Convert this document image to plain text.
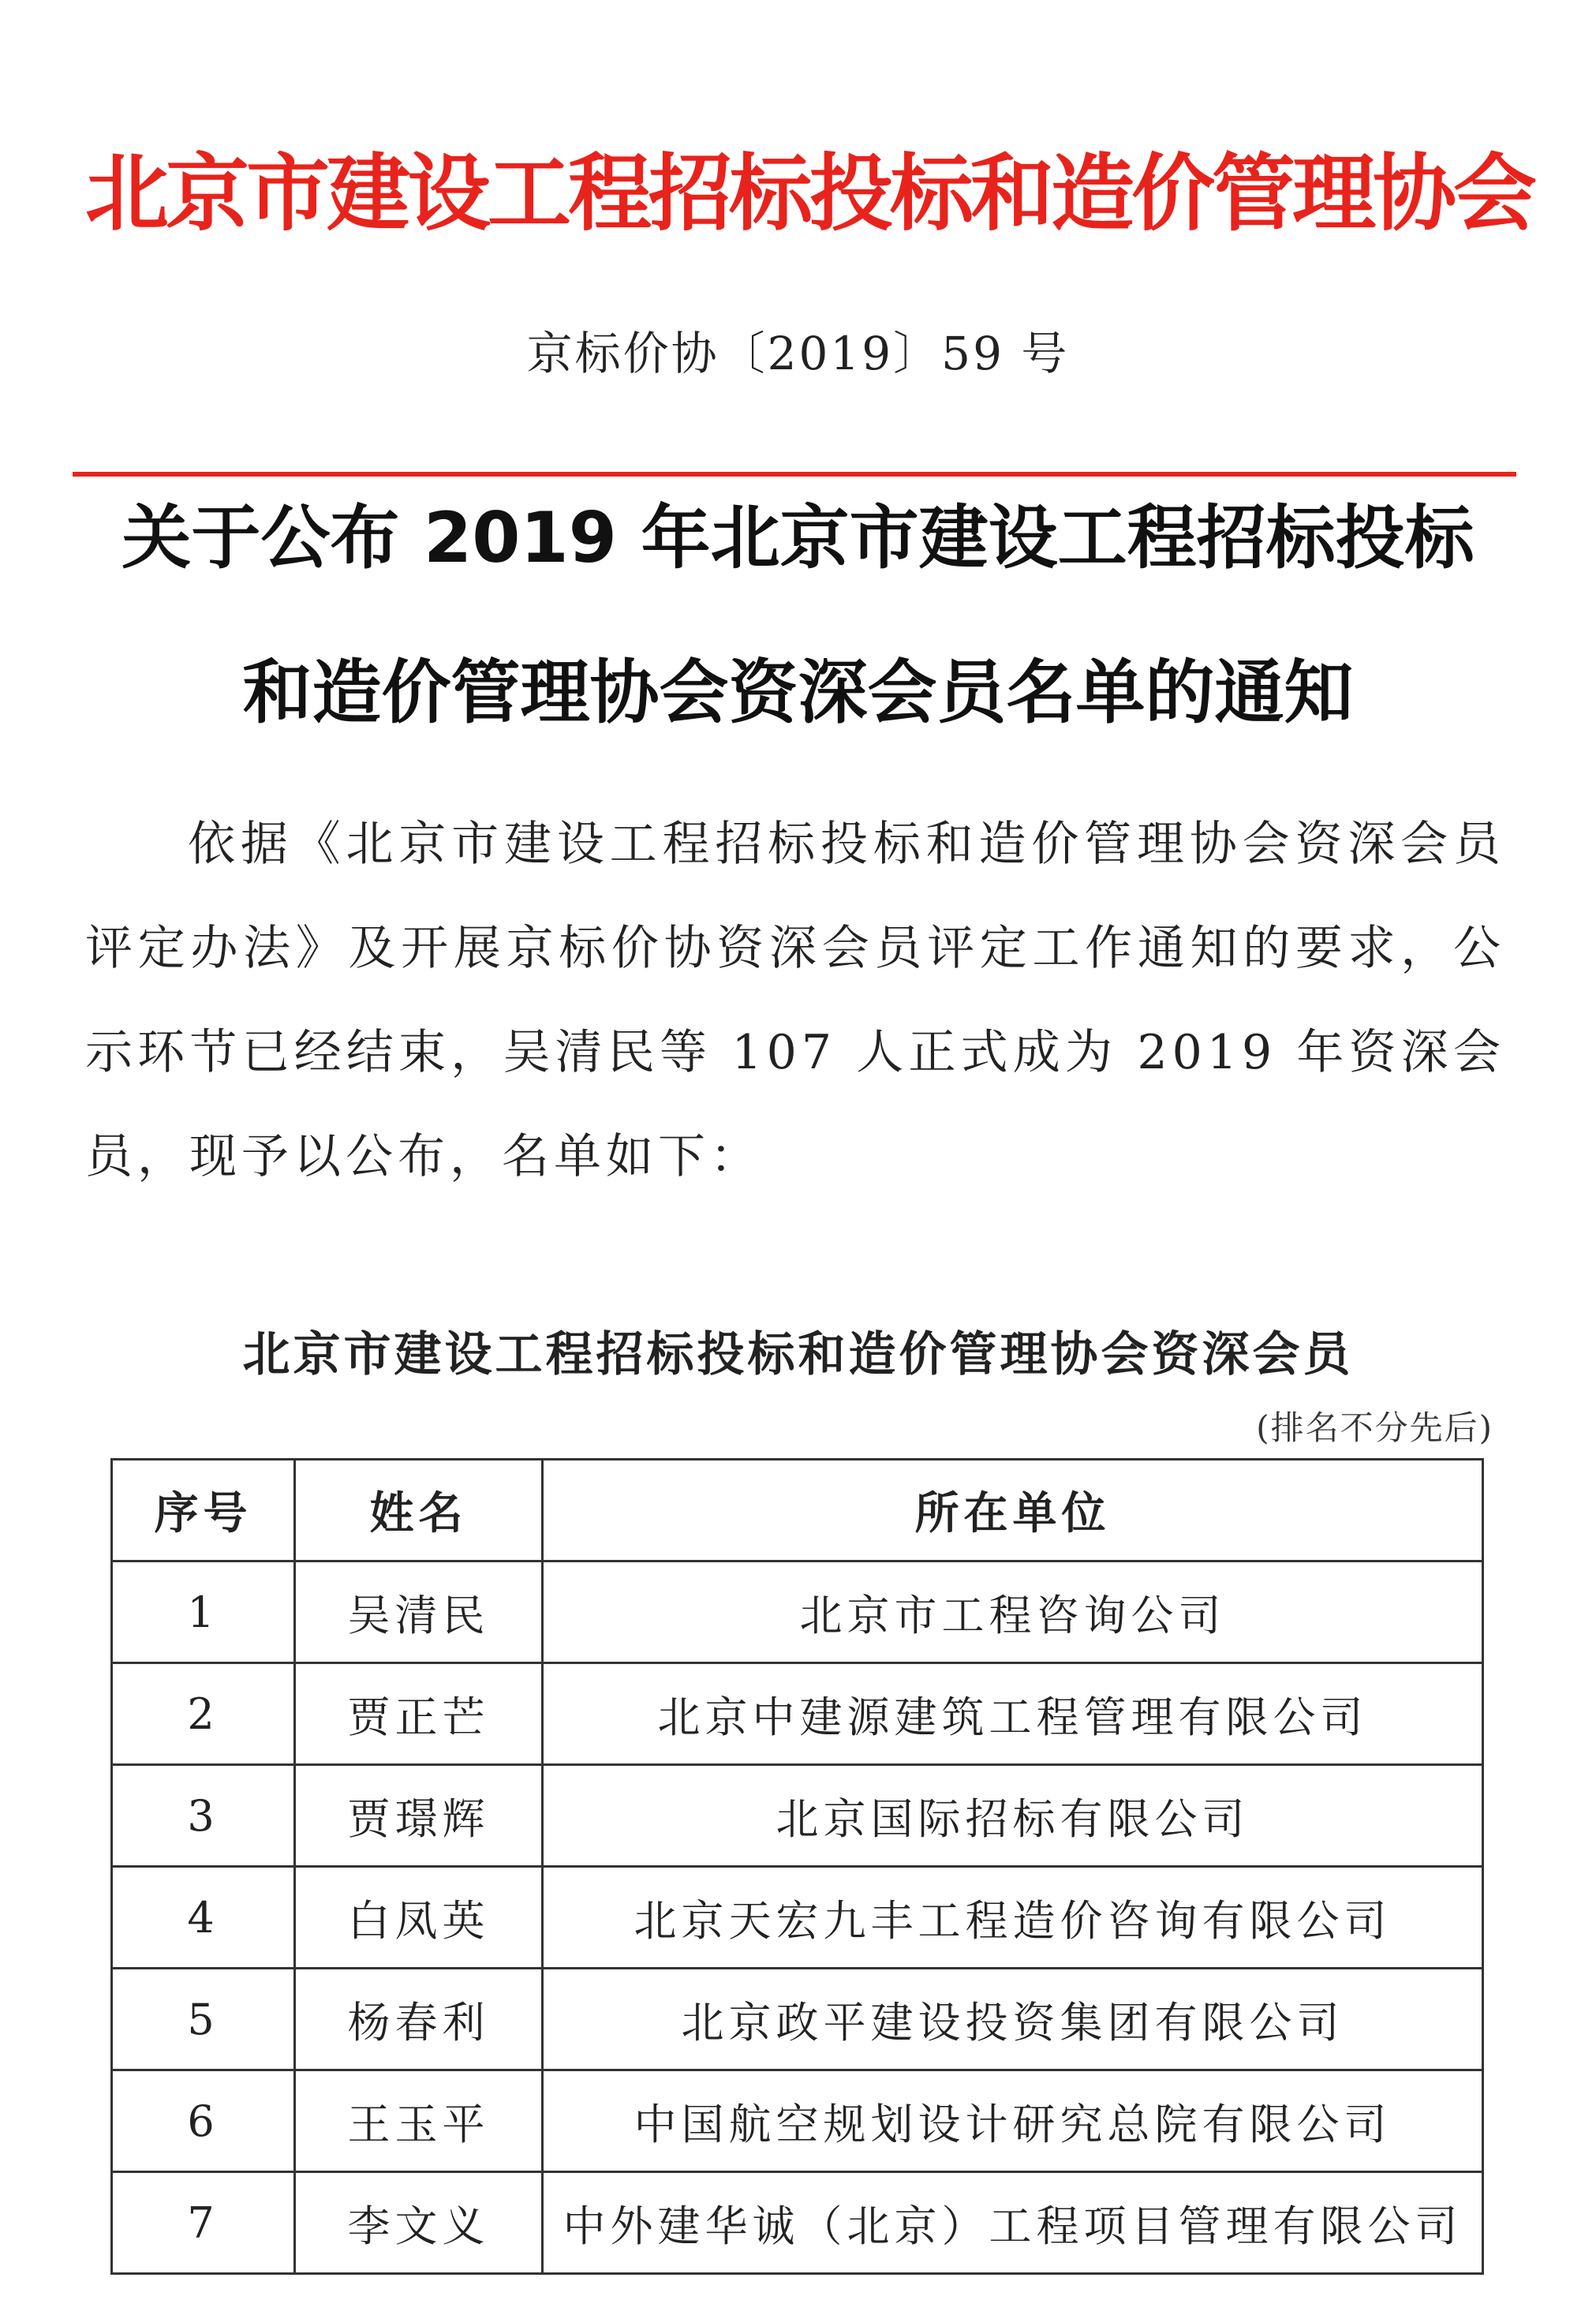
北京市建设工程招标投标和造价管理协会
京标价协〔2019〕59 号
关于公布 2019 年北京市建设工程招标投标
和造价管理协会资深会员名单的通知
依据《北京市建设工程招标投标和造价管理协会资深会员评定办法》及开展京标价协资深会员评定工作通知的要求，公示环节已经结束，吴清民等 107 人正式成为 2019 年资深会员，现予以公布，名单如下：
北京市建设工程招标投标和造价管理协会资深会员
(排名不分先后)
序号	姓名	所在单位
1	吴清民	北京市工程咨询公司
2	贾正芒	北京中建源建筑工程管理有限公司
3	贾璟辉	北京国际招标有限公司
4	白凤英	北京天宏九丰工程造价咨询有限公司
5	杨春利	北京政平建设投资集团有限公司
6	王玉平	中国航空规划设计研究总院有限公司
7	李文义	中外建华诚（北京）工程项目管理有限公司
